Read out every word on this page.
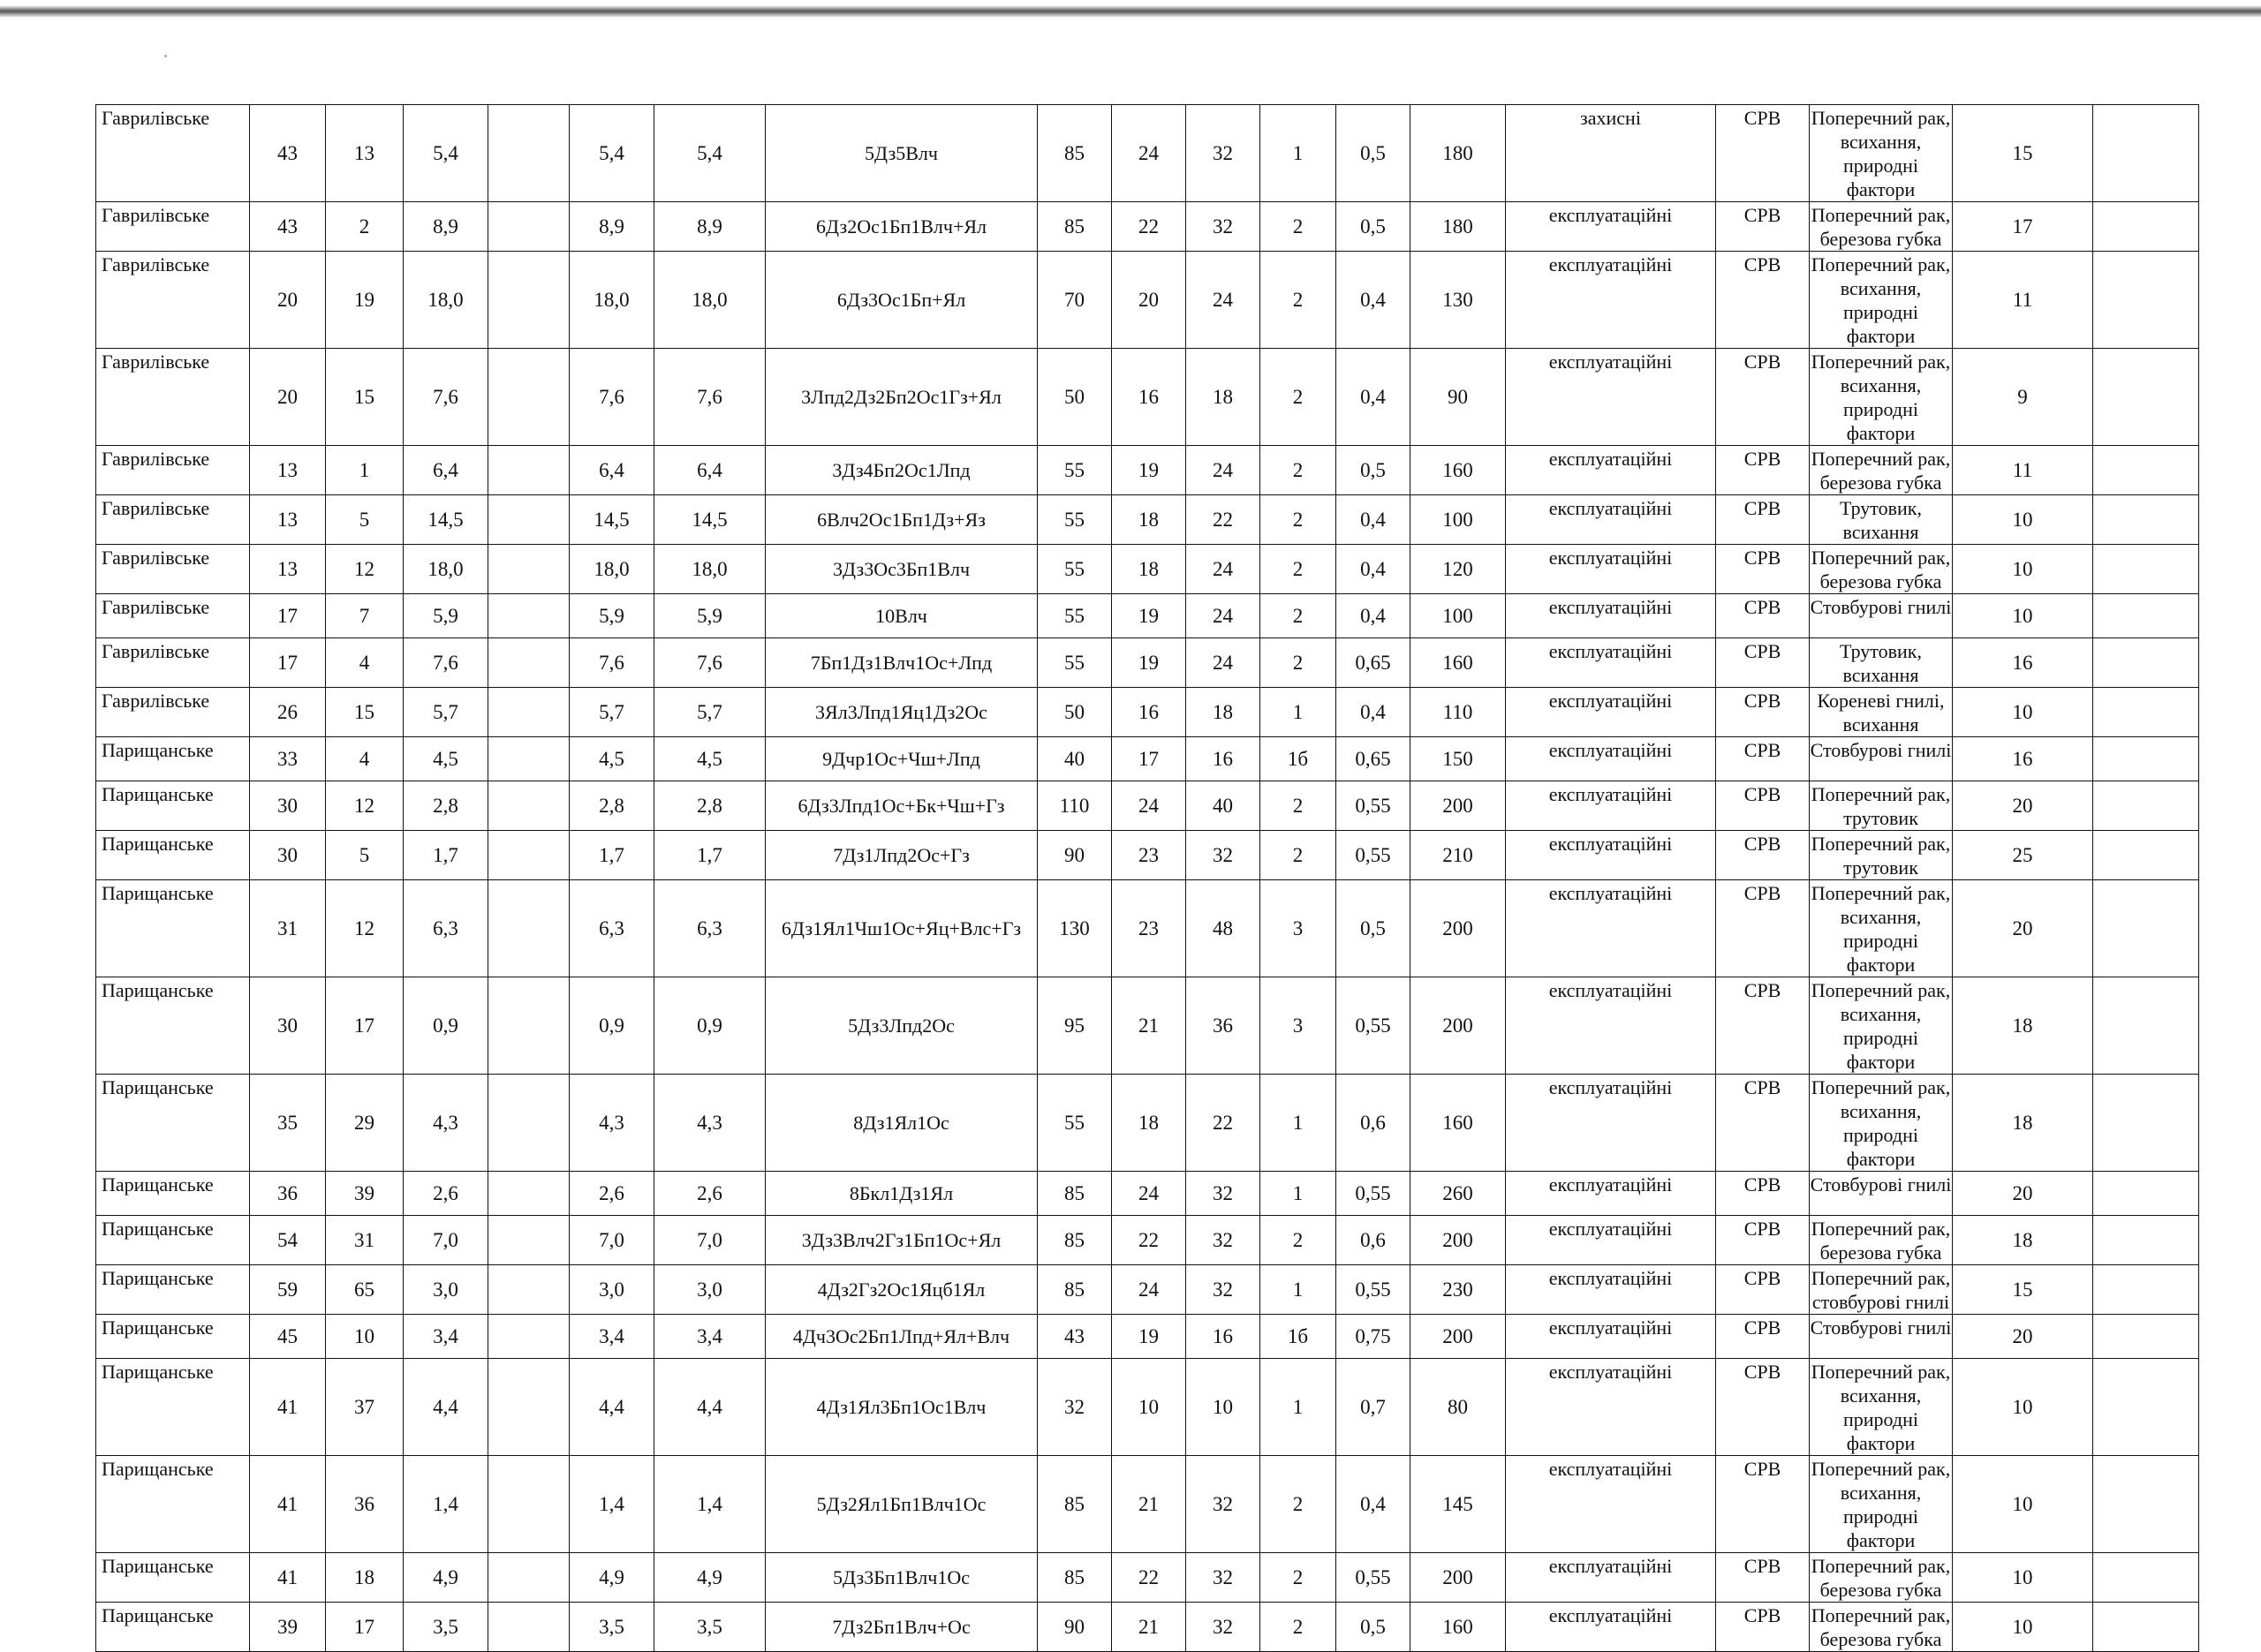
Гаврилівське	43	13	5,4		5,4	5,4	5Дз5Влч	85	24	32	1	0,5	180	захисні	СРВ	Поперечний рак, всихання, природні фактори	15	
Гаврилівське	43	2	8,9		8,9	8,9	6Дз2Ос1Бп1Влч+Ял	85	22	32	2	0,5	180	експлуатаційні	СРВ	Поперечний рак, березова губка	17	
Гаврилівське	20	19	18,0		18,0	18,0	6Дз3Ос1Бп+Ял	70	20	24	2	0,4	130	експлуатаційні	СРВ	Поперечний рак, всихання, природні фактори	11	
Гаврилівське	20	15	7,6		7,6	7,6	3Лпд2Дз2Бп2Ос1Гз+Ял	50	16	18	2	0,4	90	експлуатаційні	СРВ	Поперечний рак, всихання, природні фактори	9	
Гаврилівське	13	1	6,4		6,4	6,4	3Дз4Бп2Ос1Лпд	55	19	24	2	0,5	160	експлуатаційні	СРВ	Поперечний рак, березова губка	11	
Гаврилівське	13	5	14,5		14,5	14,5	6Влч2Ос1Бп1Дз+Яз	55	18	22	2	0,4	100	експлуатаційні	СРВ	Трутовик, всихання	10	
Гаврилівське	13	12	18,0		18,0	18,0	3Дз3Ос3Бп1Влч	55	18	24	2	0,4	120	експлуатаційні	СРВ	Поперечний рак, березова губка	10	
Гаврилівське	17	7	5,9		5,9	5,9	10Влч	55	19	24	2	0,4	100	експлуатаційні	СРВ	Стовбурові гнилі	10	
Гаврилівське	17	4	7,6		7,6	7,6	7Бп1Дз1Влч1Ос+Лпд	55	19	24	2	0,65	160	експлуатаційні	СРВ	Трутовик, всихання	16	
Гаврилівське	26	15	5,7		5,7	5,7	3Ял3Лпд1Яц1Дз2Ос	50	16	18	1	0,4	110	експлуатаційні	СРВ	Кореневі гнилі, всихання	10	
Парищанське	33	4	4,5		4,5	4,5	9Дчр1Ос+Чш+Лпд	40	17	16	1б	0,65	150	експлуатаційні	СРВ	Стовбурові гнилі	16	
Парищанське	30	12	2,8		2,8	2,8	6Дз3Лпд1Ос+Бк+Чш+Гз	110	24	40	2	0,55	200	експлуатаційні	СРВ	Поперечний рак, трутовик	20	
Парищанське	30	5	1,7		1,7	1,7	7Дз1Лпд2Ос+Гз	90	23	32	2	0,55	210	експлуатаційні	СРВ	Поперечний рак, трутовик	25	
Парищанське	31	12	6,3		6,3	6,3	6Дз1Ял1Чш1Ос+Яц+Влс+Гз	130	23	48	3	0,5	200	експлуатаційні	СРВ	Поперечний рак, всихання, природні фактори	20	
Парищанське	30	17	0,9		0,9	0,9	5Дз3Лпд2Ос	95	21	36	3	0,55	200	експлуатаційні	СРВ	Поперечний рак, всихання, природні фактори	18	
Парищанське	35	29	4,3		4,3	4,3	8Дз1Ял1Ос	55	18	22	1	0,6	160	експлуатаційні	СРВ	Поперечний рак, всихання, природні фактори	18	
Парищанське	36	39	2,6		2,6	2,6	8Бкл1Дз1Ял	85	24	32	1	0,55	260	експлуатаційні	СРВ	Стовбурові гнилі	20	
Парищанське	54	31	7,0		7,0	7,0	3Дз3Влч2Гз1Бп1Ос+Ял	85	22	32	2	0,6	200	експлуатаційні	СРВ	Поперечний рак, березова губка	18	
Парищанське	59	65	3,0		3,0	3,0	4Дз2Гз2Ос1Яцб1Ял	85	24	32	1	0,55	230	експлуатаційні	СРВ	Поперечний рак, стовбурові гнилі	15	
Парищанське	45	10	3,4		3,4	3,4	4Дч3Ос2Бп1Лпд+Ял+Влч	43	19	16	1б	0,75	200	експлуатаційні	СРВ	Стовбурові гнилі	20	
Парищанське	41	37	4,4		4,4	4,4	4Дз1Ял3Бп1Ос1Влч	32	10	10	1	0,7	80	експлуатаційні	СРВ	Поперечний рак, всихання, природні фактори	10	
Парищанське	41	36	1,4		1,4	1,4	5Дз2Ял1Бп1Влч1Ос	85	21	32	2	0,4	145	експлуатаційні	СРВ	Поперечний рак, всихання, природні фактори	10	
Парищанське	41	18	4,9		4,9	4,9	5Дз3Бп1Влч1Ос	85	22	32	2	0,55	200	експлуатаційні	СРВ	Поперечний рак, березова губка	10	
Парищанське	39	17	3,5		3,5	3,5	7Дз2Бп1Влч+Ос	90	21	32	2	0,5	160	експлуатаційні	СРВ	Поперечний рак, березова губка	10	
